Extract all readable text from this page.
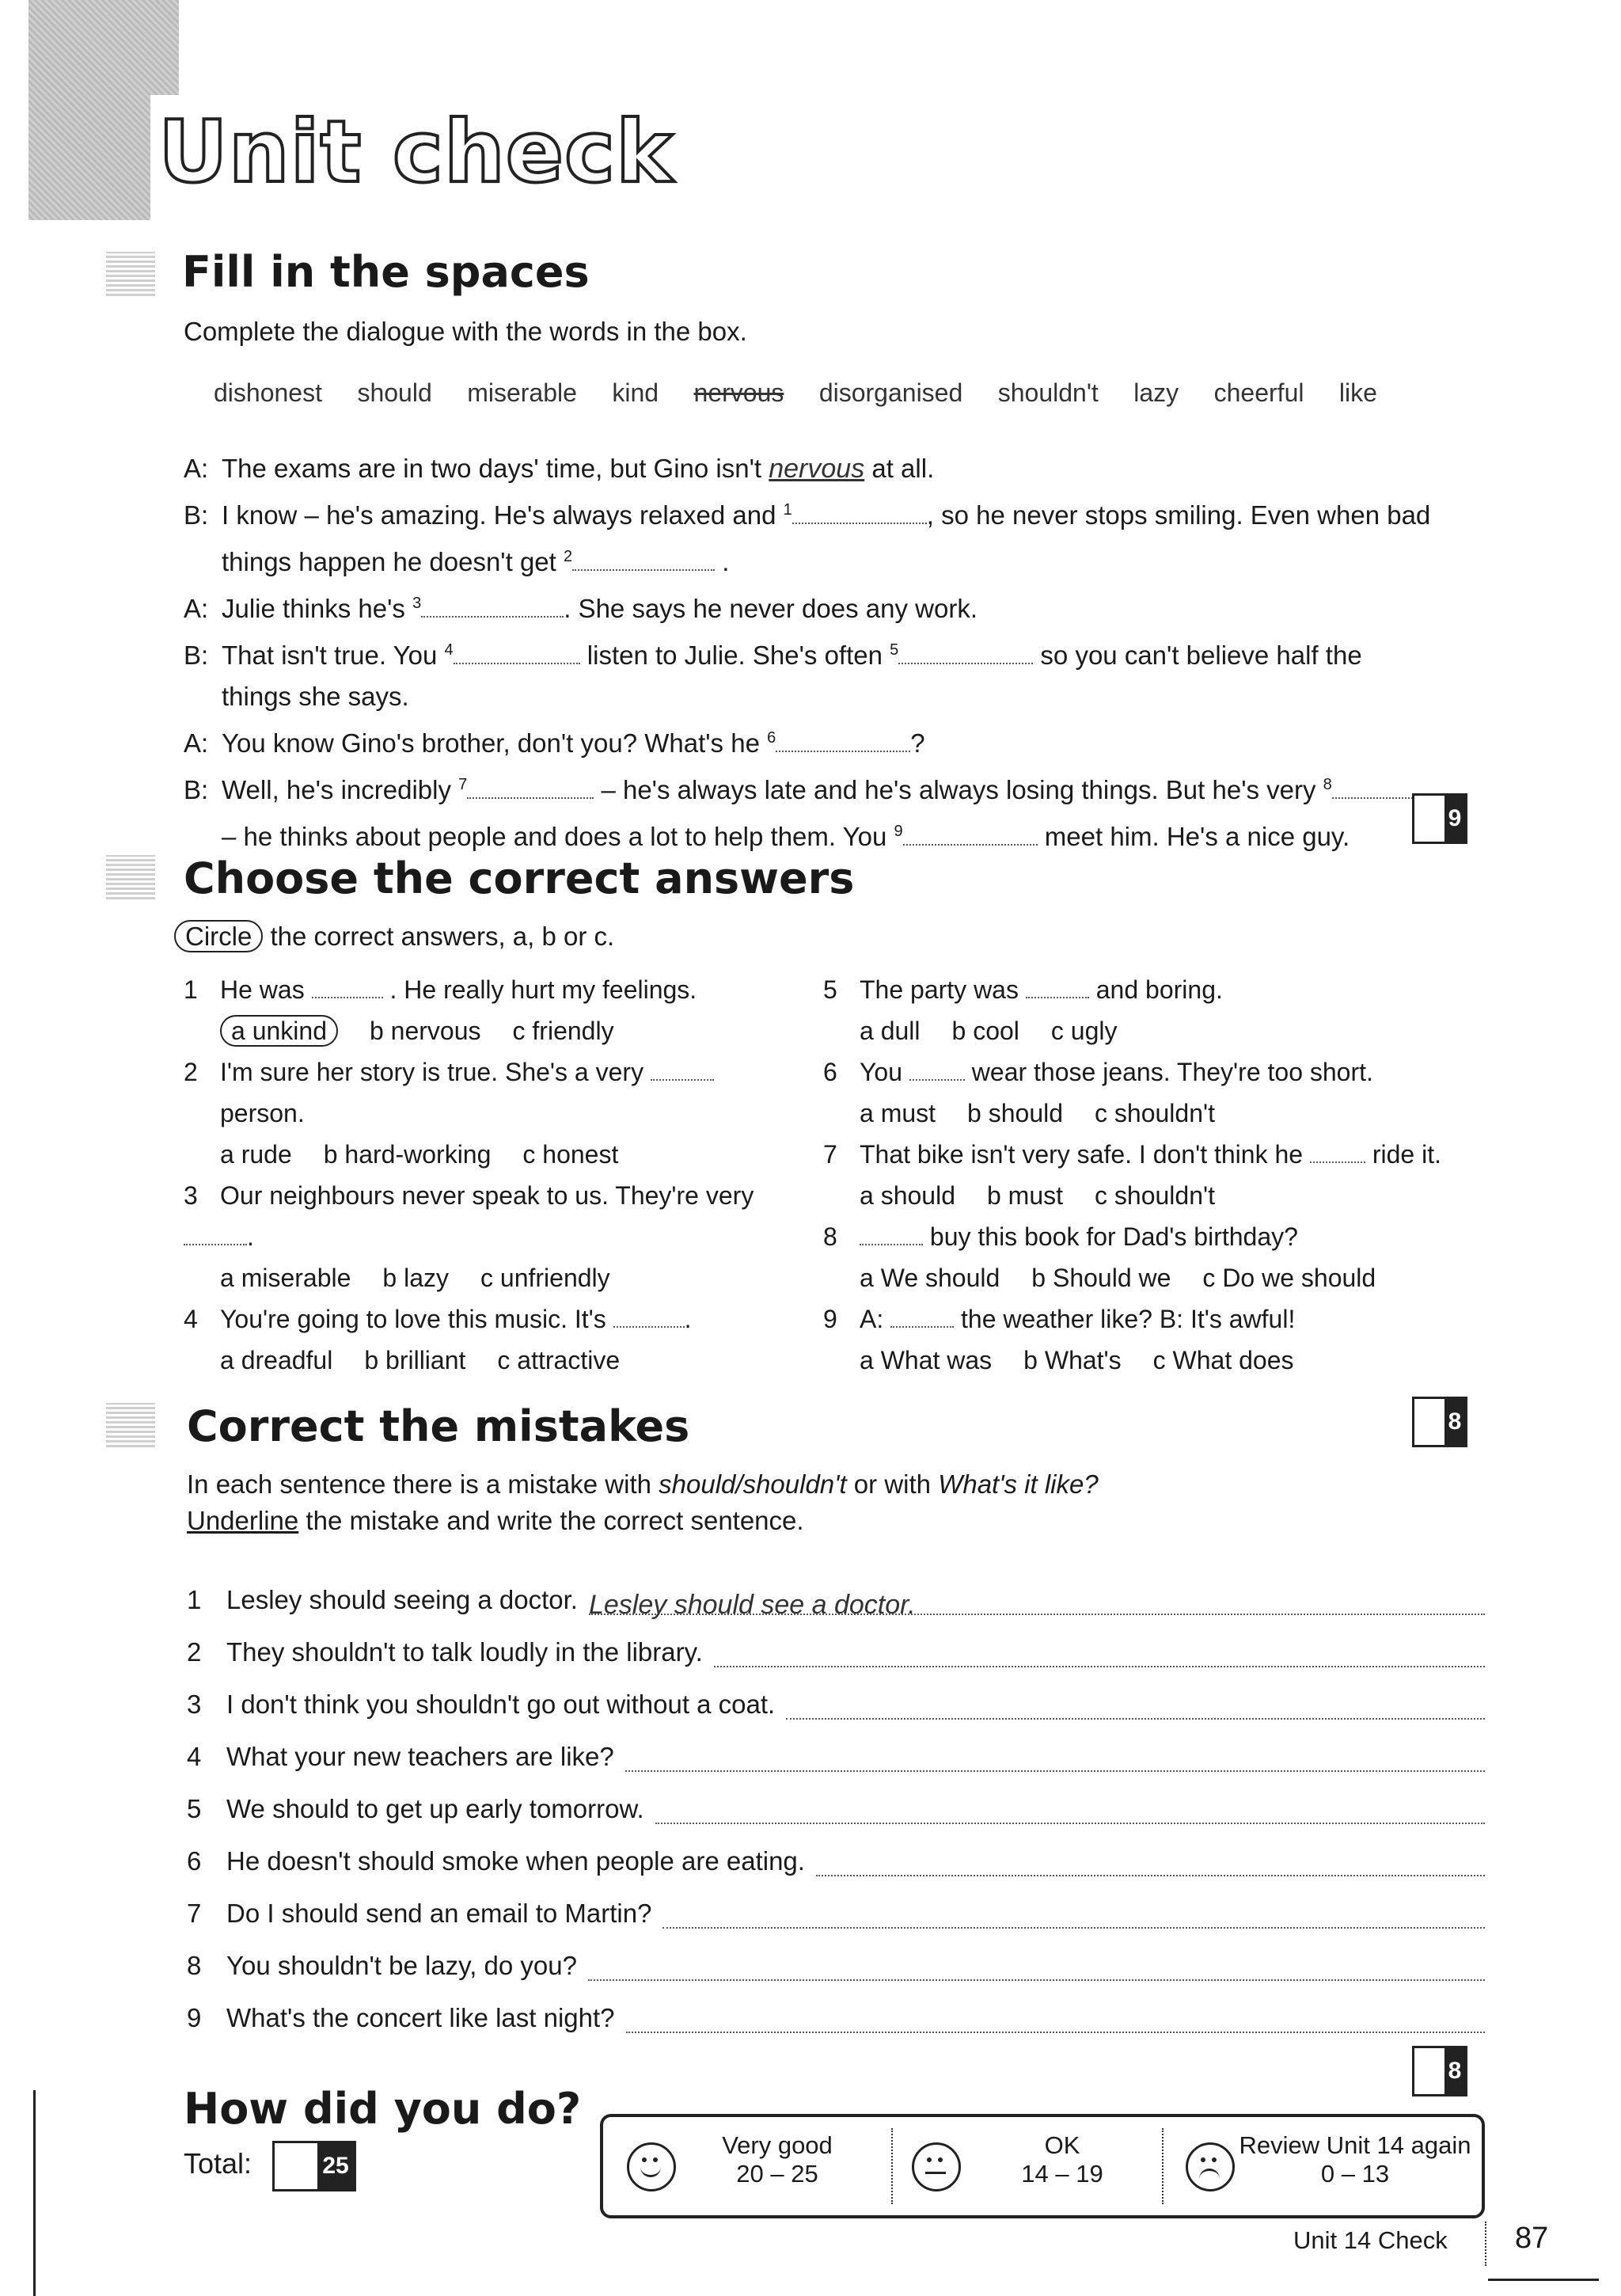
Unit check
Fill in the spaces
Complete the dialogue with the words in the box.
dishonest should miserable kind nervous disorganised shouldn't lazy cheerful like
A: The exams are in two days' time, but Gino isn't nervous at all.
B: I know – he's amazing. He's always relaxed and $^1$	, so he never stops smiling. Even when bad
things happen he doesn't get $^2$	.
A: Julie thinks he's $^3$	. She says he never does any work.
B: That isn't true. You $^4$	listen to Julie. She's often $^5$	so you can't believe half the
things she says.
A: You know Gino's brother, don't you? What's he $^6$	?
B: Well, he's incredibly $^7$	– he's always late and he's always losing things. But he's very $^8$
– he thinks about people and does a lot to help them. You $^9$	meet him. He's a nice guy.
9
Choose the correct answers
Circle the correct answers, a, b or c.
1 He was	. He really hurt my feelings.
a unkind b nervous c friendly
2 I'm sure her story is true. She's a very
person.
a rude b hard-working c honest
3 Our neighbours never speak to us. They're very .
a miserable b lazy c unfriendly
4 You're going to love this music. It's	.
a dreadful b brilliant c attractive
5 The party was	and boring.
a dull b cool c ugly
6 You	wear those jeans. They're too short.
a must b should c shouldn't
7 That bike isn't very safe. I don't think he	ride it.
a should b must c shouldn't
8	buy this book for Dad's birthday?
a We should b Should we c Do we should
9 A:	the weather like? B: It's awful!
a What was b What's c What does
8
Correct the mistakes
In each sentence there is a mistake with should/shouldn't or with What's it like?
Underline the mistake and write the correct sentence.
1 Lesley should seeing a doctor. Lesley should see a doctor.
2 They shouldn't to talk loudly in the library.
3 I don't think you shouldn't go out without a coat.
4 What your new teachers are like?
5 We should to get up early tomorrow.
6 He doesn't should smoke when people are eating.
7 Do I should send an email to Martin?
8 You shouldn't be lazy, do you?
9 What's the concert like last night?
8
How did you do?
Total:	25
Very good
20 – 25
OK
14 – 19
Review Unit 14 again
0 – 13
Unit 14 Check 87
